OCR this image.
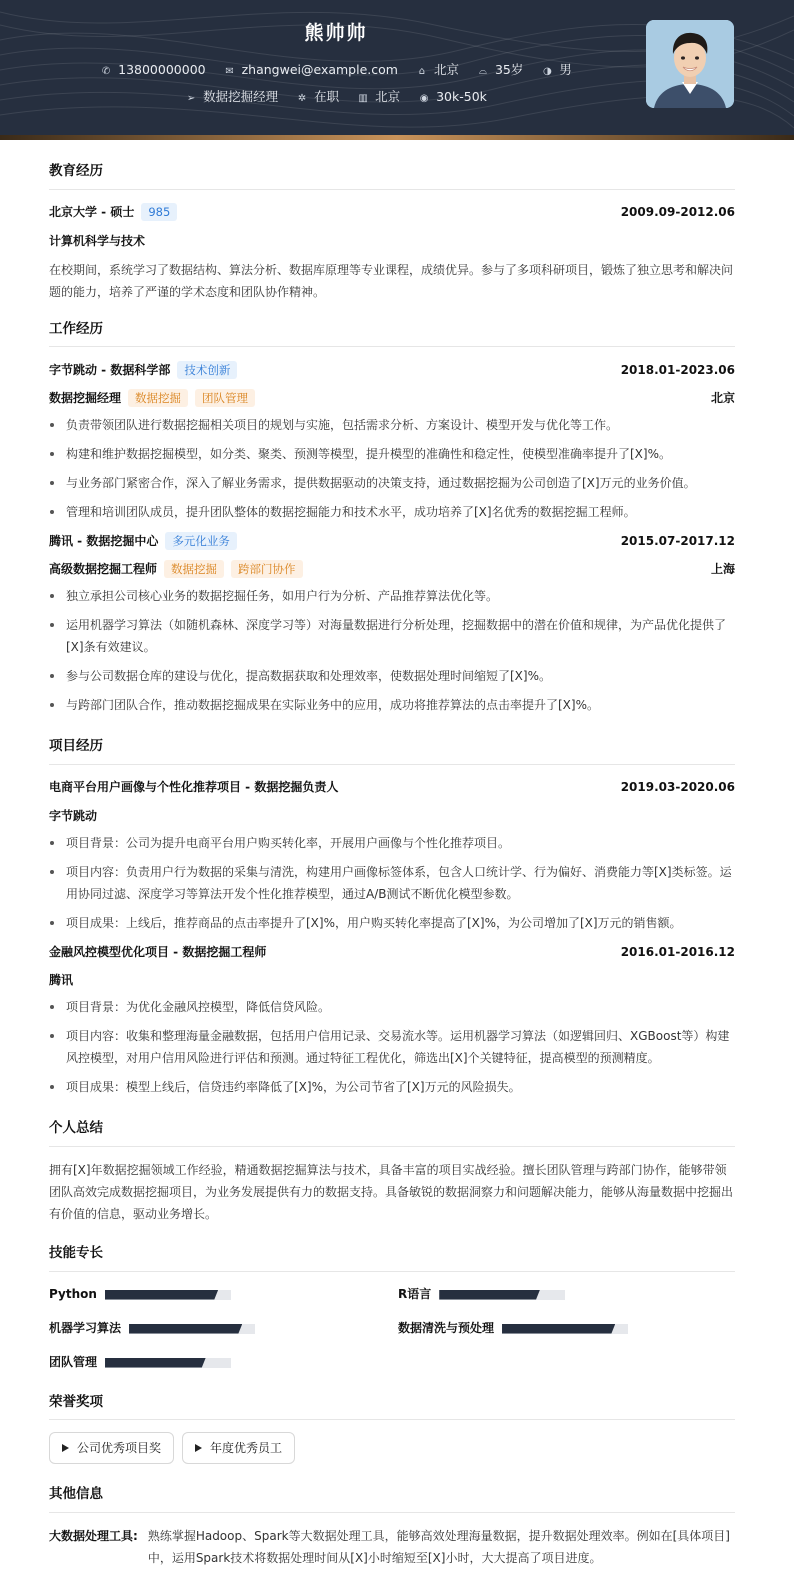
熊帅帅
✆ 13800000000 ✉ zhangwei@example.com ⌂ 北京 ⌓ 35岁 ◑ 男
➢ 数据挖掘经理 ✲ 在职 ▥ 北京 ◉ 30k-50k
教育经历
北京大学 - 硕士 985	2009.09-2012.06
计算机科学与技术
在校期间，系统学习了数据结构、算法分析、数据库原理等专业课程，成绩优异。参与了多项科研项目，锻炼了独立思考和解决问题的能力，培养了严谨的学术态度和团队协作精神。
工作经历
字节跳动 - 数据科学部 技术创新	2018.01-2023.06
数据挖掘经理 数据挖掘 团队管理	北京
负责带领团队进行数据挖掘相关项目的规划与实施，包括需求分析、方案设计、模型开发与优化等工作。
构建和维护数据挖掘模型，如分类、聚类、预测等模型，提升模型的准确性和稳定性，使模型准确率提升了[X]%。
与业务部门紧密合作，深入了解业务需求，提供数据驱动的决策支持，通过数据挖掘为公司创造了[X]万元的业务价值。
管理和培训团队成员，提升团队整体的数据挖掘能力和技术水平，成功培养了[X]名优秀的数据挖掘工程师。
腾讯 - 数据挖掘中心 多元化业务	2015.07-2017.12
高级数据挖掘工程师 数据挖掘 跨部门协作	上海
独立承担公司核心业务的数据挖掘任务，如用户行为分析、产品推荐算法优化等。
运用机器学习算法（如随机森林、深度学习等）对海量数据进行分析处理，挖掘数据中的潜在价值和规律，为产品优化提供了[X]条有效建议。
参与公司数据仓库的建设与优化，提高数据获取和处理效率，使数据处理时间缩短了[X]%。
与跨部门团队合作，推动数据挖掘成果在实际业务中的应用，成功将推荐算法的点击率提升了[X]%。
项目经历
电商平台用户画像与个性化推荐项目 - 数据挖掘负责人	2019.03-2020.06
字节跳动
项目背景：公司为提升电商平台用户购买转化率，开展用户画像与个性化推荐项目。
项目内容：负责用户行为数据的采集与清洗，构建用户画像标签体系，包含人口统计学、行为偏好、消费能力等[X]类标签。运用协同过滤、深度学习等算法开发个性化推荐模型，通过A/B测试不断优化模型参数。
项目成果：上线后，推荐商品的点击率提升了[X]%，用户购买转化率提高了[X]%，为公司增加了[X]万元的销售额。
金融风控模型优化项目 - 数据挖掘工程师	2016.01-2016.12
腾讯
项目背景：为优化金融风控模型，降低信贷风险。
项目内容：收集和整理海量金融数据，包括用户信用记录、交易流水等。运用机器学习算法（如逻辑回归、XGBoost等）构建风控模型，对用户信用风险进行评估和预测。通过特征工程优化，筛选出[X]个关键特征，提高模型的预测精度。
项目成果：模型上线后，信贷违约率降低了[X]%，为公司节省了[X]万元的风险损失。
个人总结
拥有[X]年数据挖掘领域工作经验，精通数据挖掘算法与技术，具备丰富的项目实战经验。擅长团队管理与跨部门协作，能够带领团队高效完成数据挖掘项目，为业务发展提供有力的数据支持。具备敏锐的数据洞察力和问题解决能力，能够从海量数据中挖掘出有价值的信息，驱动业务增长。
技能专长
Python	R语言
机器学习算法	数据清洗与预处理
团队管理
荣誉奖项
公司优秀项目奖	年度优秀员工
其他信息
大数据处理工具: 熟练掌握Hadoop、Spark等大数据处理工具，能够高效处理海量数据，提升数据处理效率。例如在[具体项目]中，运用Spark技术将数据处理时间从[X]小时缩短至[X]小时，大大提高了项目进度。
